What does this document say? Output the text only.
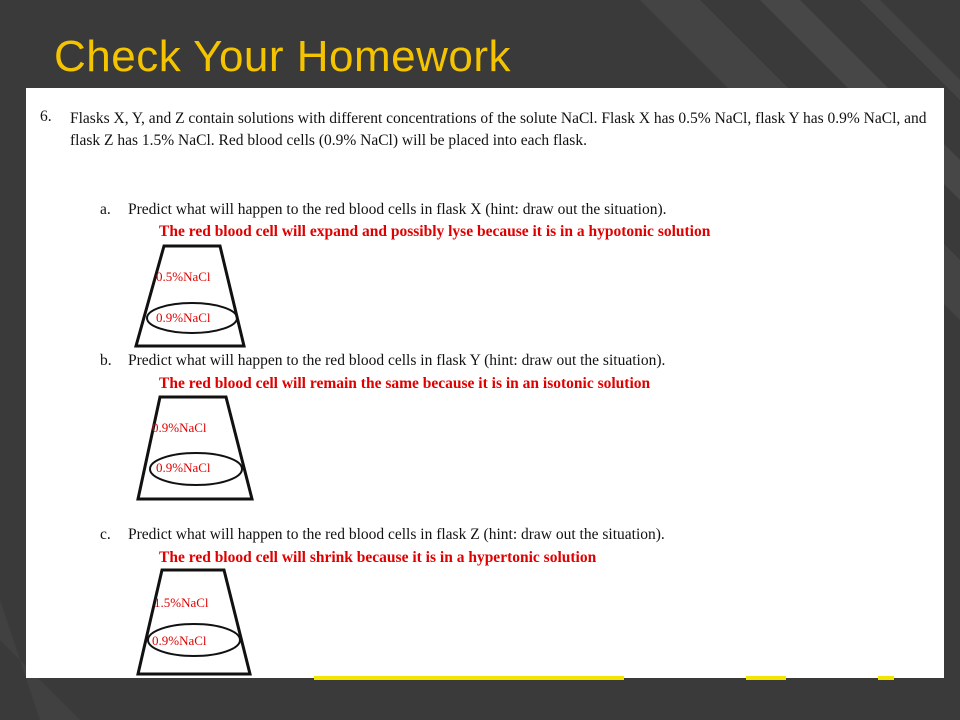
Check Your Homework
6. Flasks X, Y, and Z contain solutions with different concentrations of the solute NaCl. Flask X has 0.5% NaCl, flask Y has 0.9% NaCl, and flask Z has 1.5% NaCl. Red blood cells (0.9% NaCl) will be placed into each flask.

a. Predict what will happen to the red blood cells in flask X (hint: draw out the situation).
The red blood cell will expand and possibly lyse because it is in a hypotonic solution
0.5%NaCl
0.9%NaCl
b. Predict what will happen to the red blood cells in flask Y (hint: draw out the situation).
The red blood cell will remain the same because it is in an isotonic solution
0.9%NaCl
0.9%NaCl
c. Predict what will happen to the red blood cells in flask Z (hint: draw out the situation).
The red blood cell will shrink because it is in a hypertonic solution
1.5%NaCl
0.9%NaCl
